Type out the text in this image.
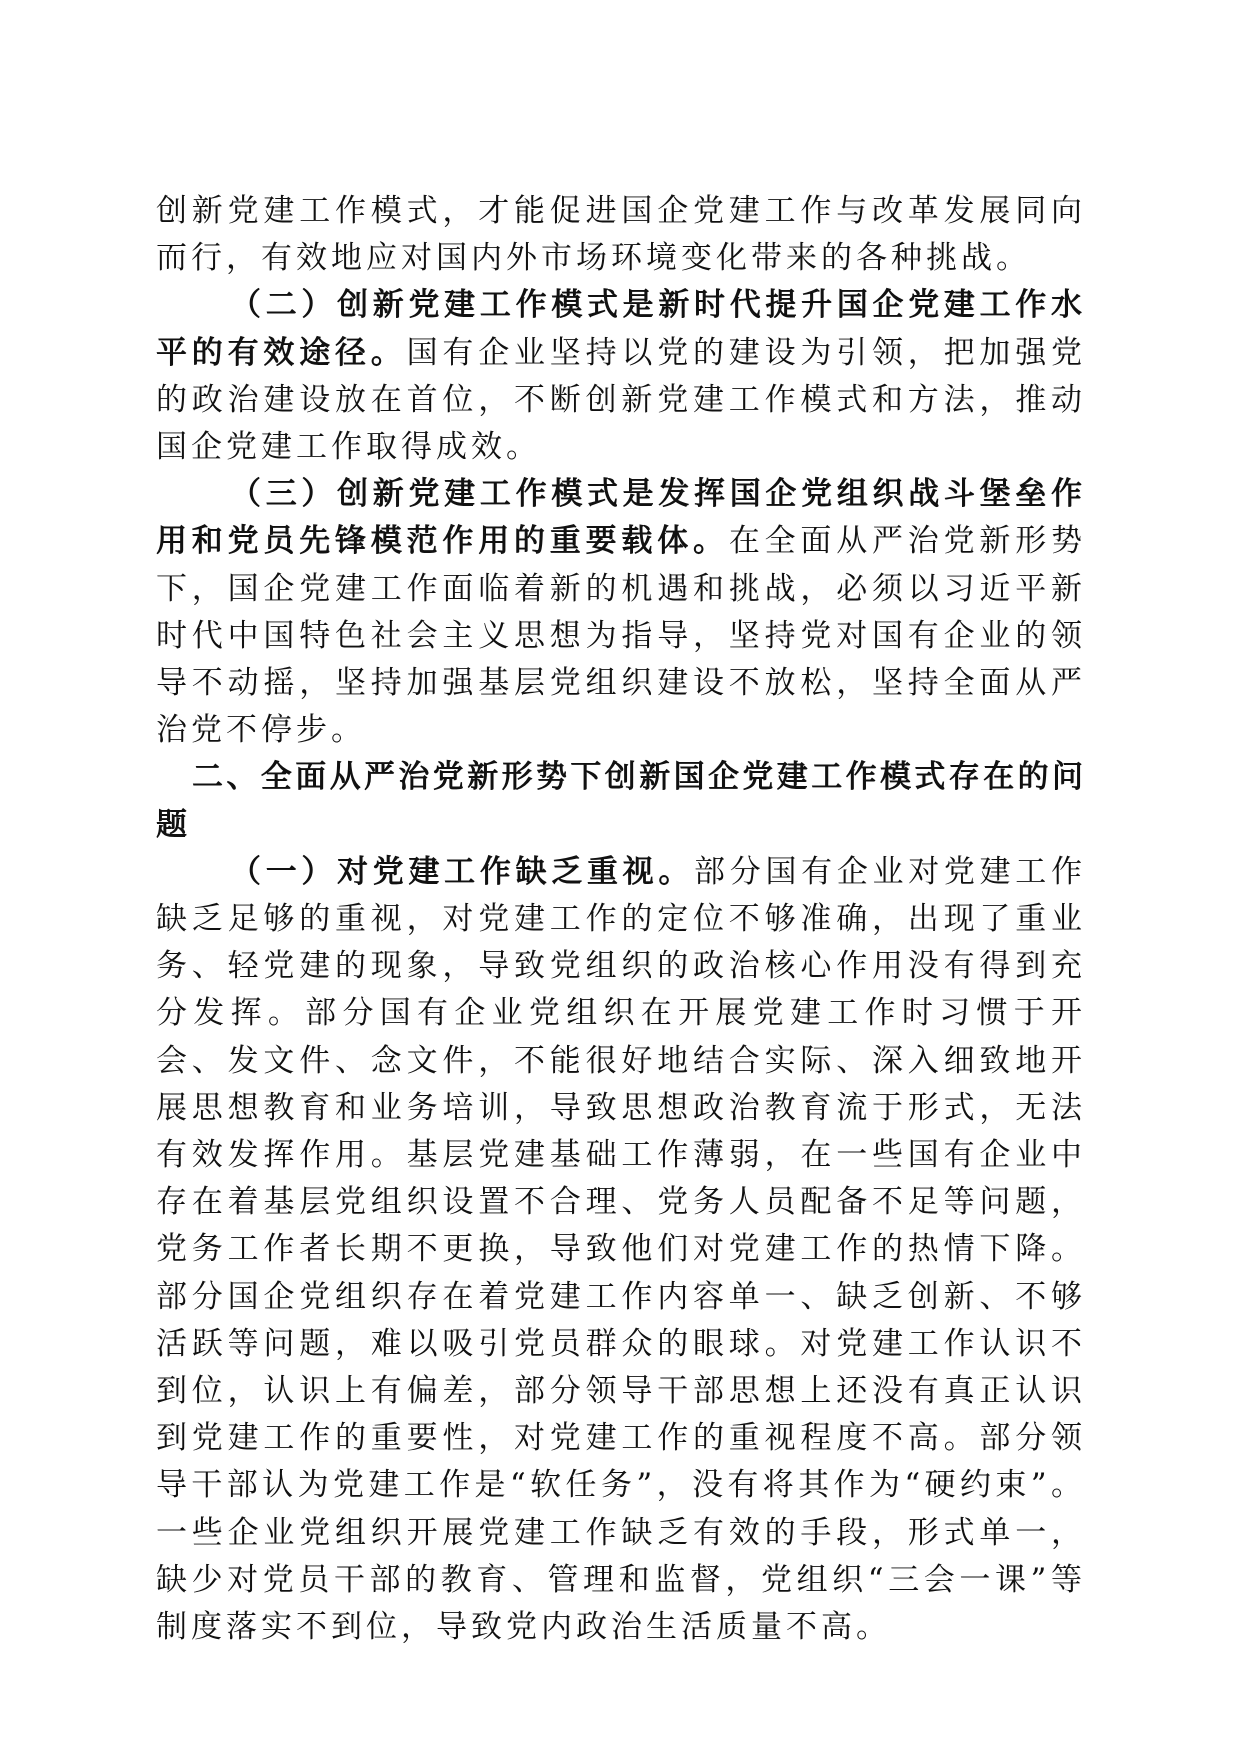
创新党建工作模式，才能促进国企党建工作与改革发展同向而行，有效地应对国内外市场环境变化带来的各种挑战。

（二）创新党建工作模式是新时代提升国企党建工作水平的有效途径。国有企业坚持以党的建设为引领，把加强党的政治建设放在首位，不断创新党建工作模式和方法，推动国企党建工作取得成效。

（三）创新党建工作模式是发挥国企党组织战斗堡垒作用和党员先锋模范作用的重要载体。在全面从严治党新形势下，国企党建工作面临着新的机遇和挑战，必须以习近平新时代中国特色社会主义思想为指导，坚持党对国有企业的领导不动摇，坚持加强基层党组织建设不放松，坚持全面从严治党不停步。

二、全面从严治党新形势下创新国企党建工作模式存在的问题

（一）对党建工作缺乏重视。部分国有企业对党建工作缺乏足够的重视，对党建工作的定位不够准确，出现了重业务、轻党建的现象，导致党组织的政治核心作用没有得到充分发挥。部分国有企业党组织在开展党建工作时习惯于开会、发文件、念文件，不能很好地结合实际、深入细致地开展思想教育和业务培训，导致思想政治教育流于形式，无法有效发挥作用。基层党建基础工作薄弱，在一些国有企业中存在着基层党组织设置不合理、党务人员配备不足等问题，党务工作者长期不更换，导致他们对党建工作的热情下降。部分国企党组织存在着党建工作内容单一、缺乏创新、不够活跃等问题，难以吸引党员群众的眼球。对党建工作认识不到位，认识上有偏差，部分领导干部思想上还没有真正认识到党建工作的重要性，对党建工作的重视程度不高。部分领导干部认为党建工作是“软任务”，没有将其作为“硬约束”。一些企业党组织开展党建工作缺乏有效的手段，形式单一，缺少对党员干部的教育、管理和监督，党组织“三会一课”等制度落实不到位，导致党内政治生活质量不高。
